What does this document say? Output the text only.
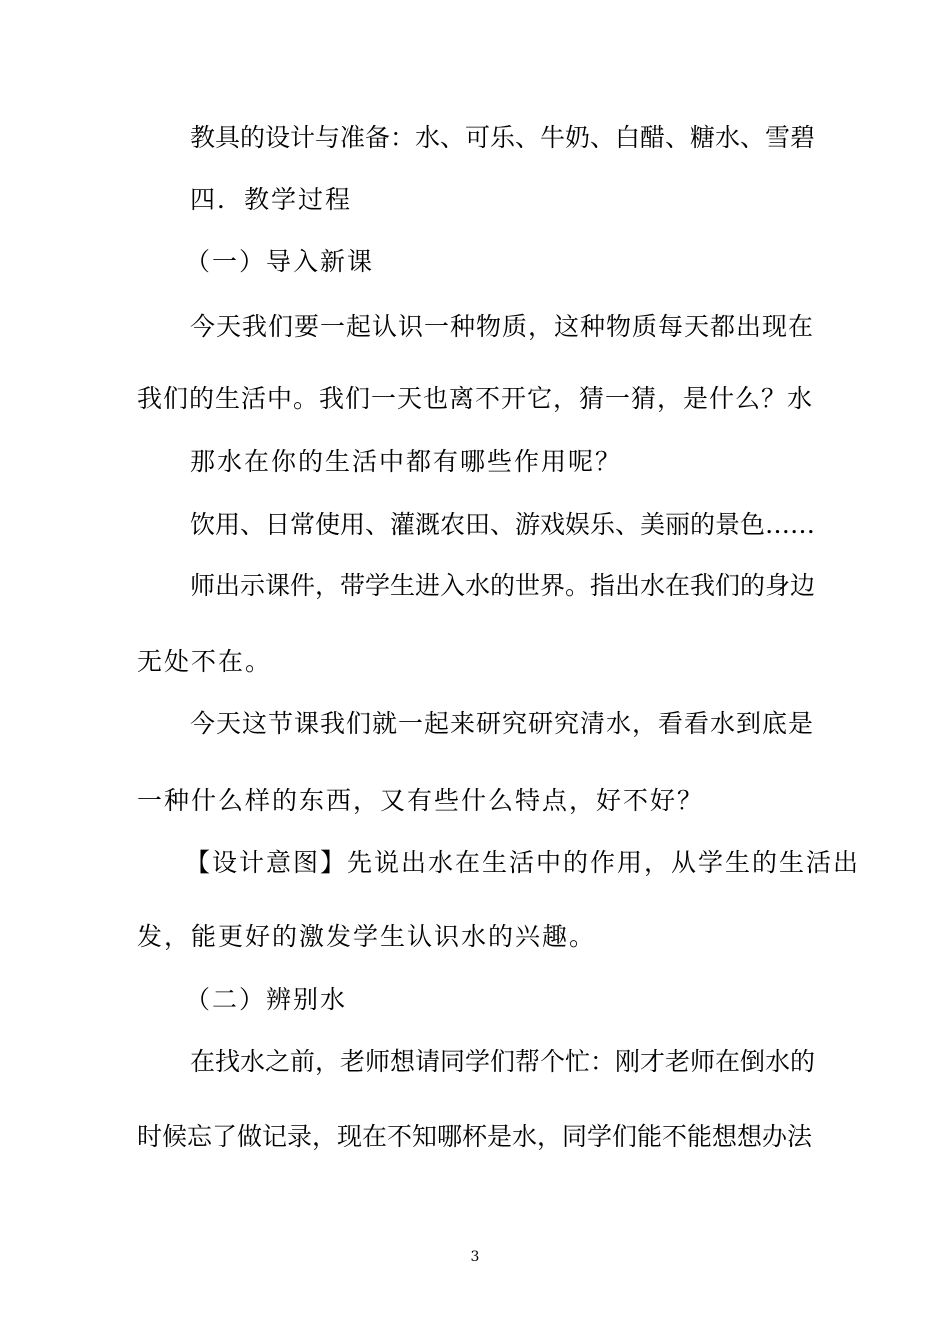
教具的设计与准备：水、可乐、牛奶、白醋、糖水、雪碧
四．教学过程
（一）导入新课
今天我们要一起认识一种物质，这种物质每天都出现在
我们的生活中。我们一天也离不开它，猜一猜，是什么？水
那水在你的生活中都有哪些作用呢？
饮用、日常使用、灌溉农田、游戏娱乐、美丽的景色……
师出示课件，带学生进入水的世界。指出水在我们的身边
无处不在。
今天这节课我们就一起来研究研究清水，看看水到底是
一种什么样的东西，又有些什么特点，好不好？
【设计意图】先说出水在生活中的作用，从学生的生活出
发，能更好的激发学生认识水的兴趣。
（二）辨别水
在找水之前，老师想请同学们帮个忙：刚才老师在倒水的
时候忘了做记录，现在不知哪杯是水，同学们能不能想想办法
3
